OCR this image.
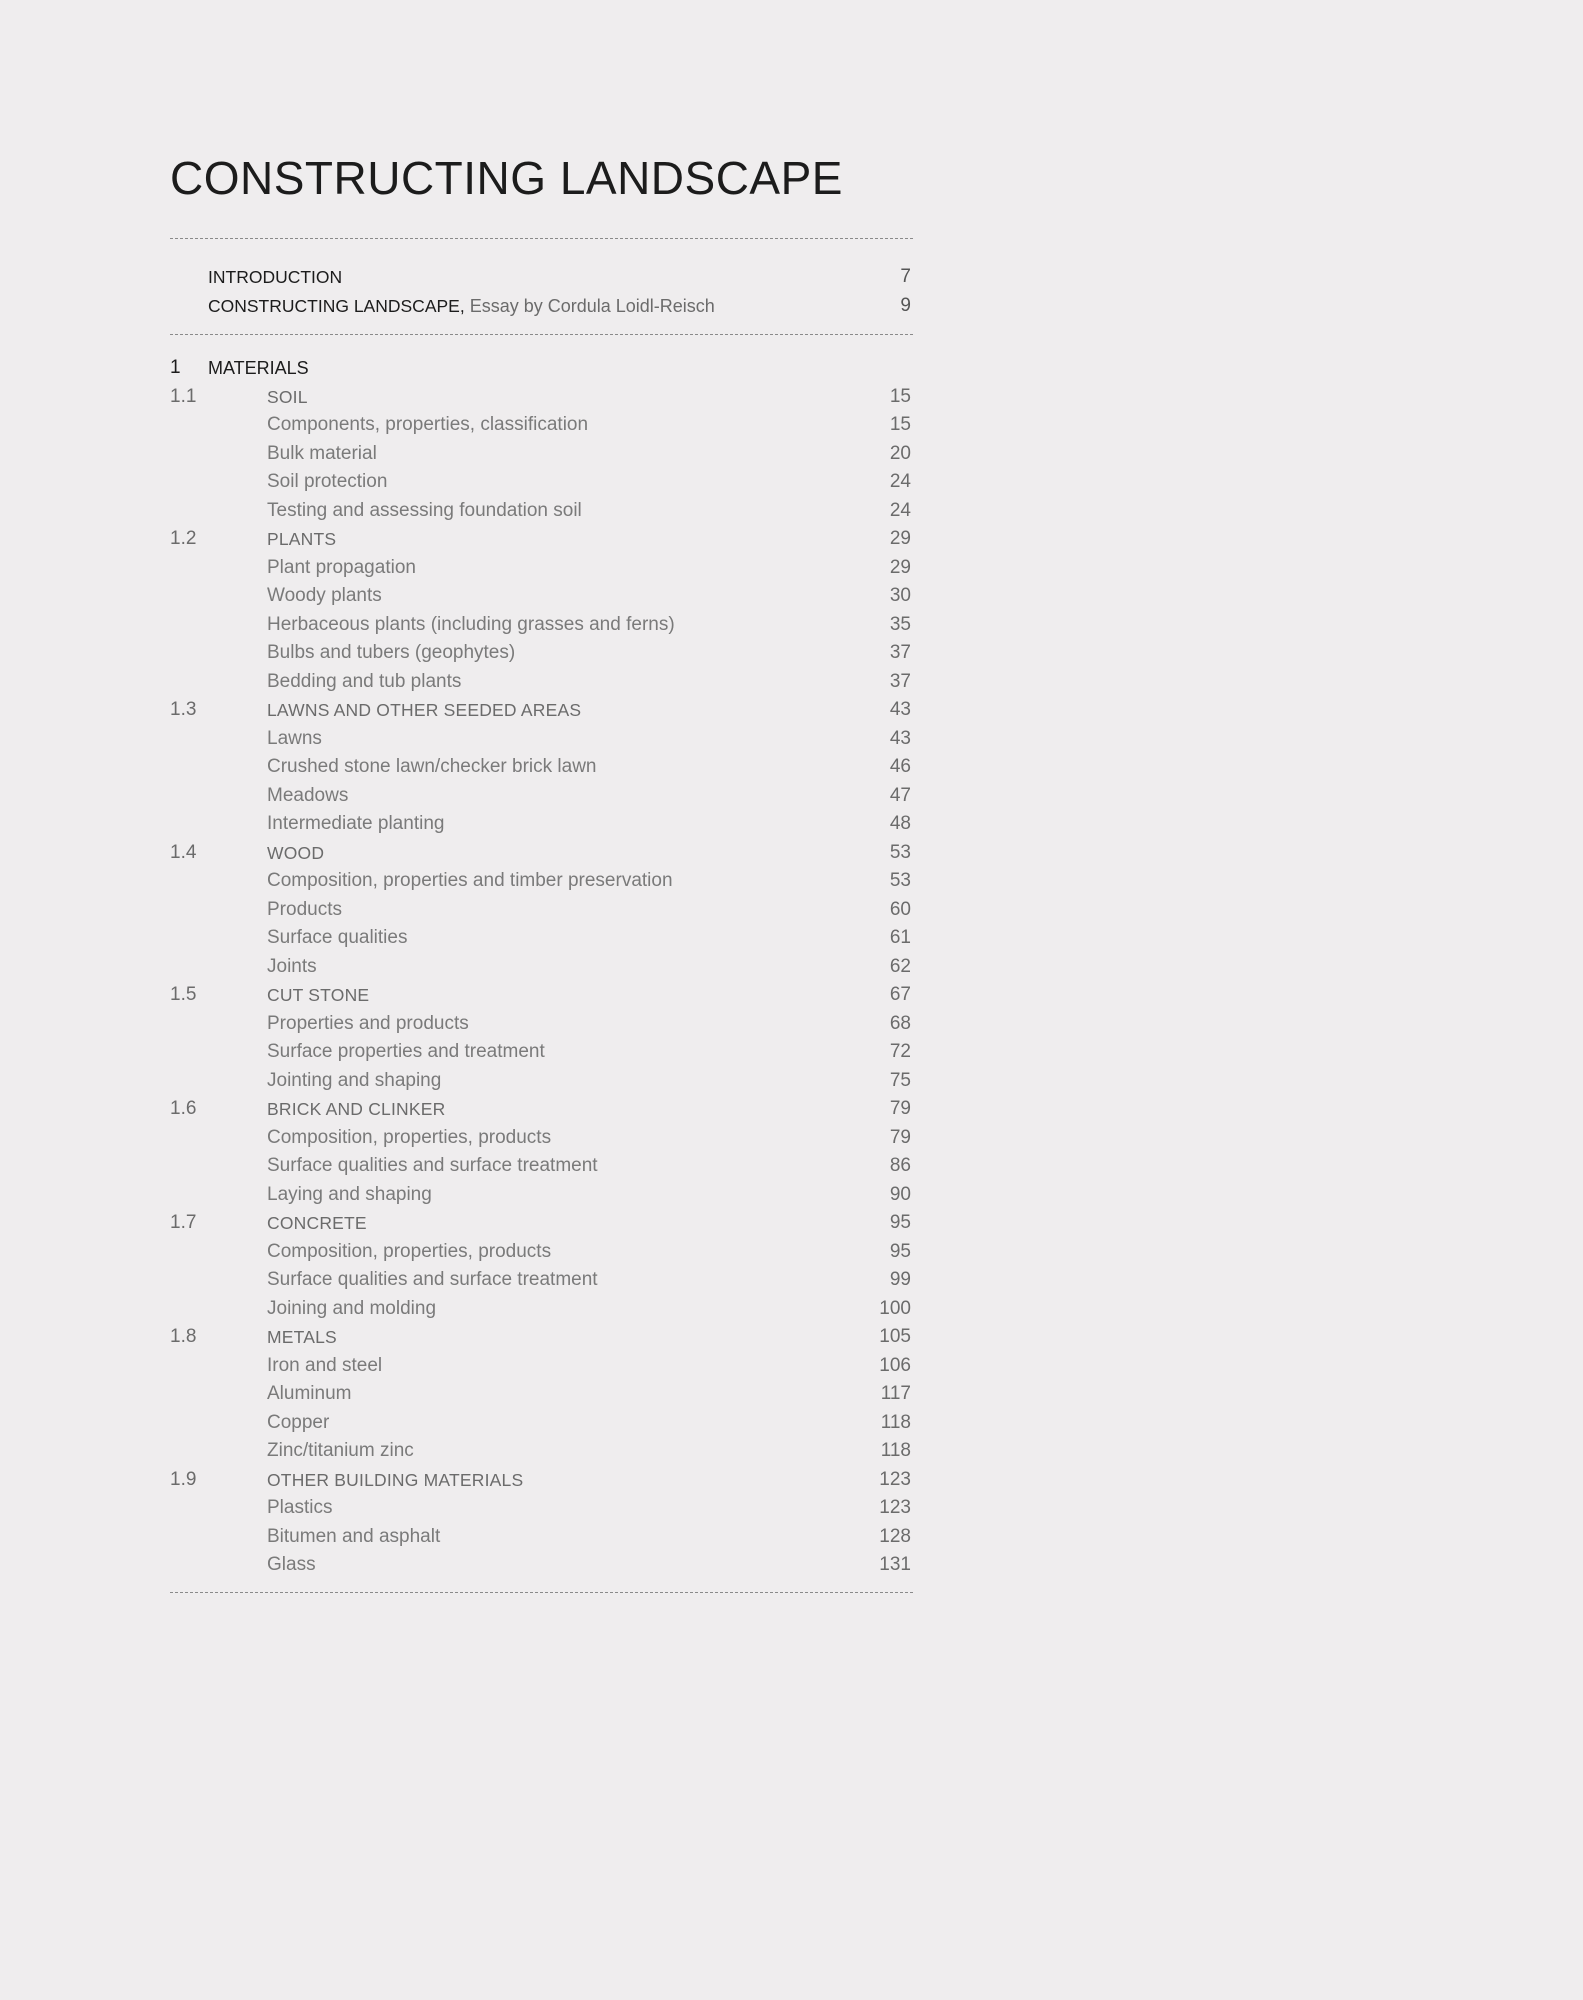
CONSTRUCTING LANDSCAPE
INTRODUCTION	7
CONSTRUCTING LANDSCAPE, Essay by Cordula Loidl-Reisch	9
1 MATERIALS
1.1	SOIL	15
Components, properties, classification	15
Bulk material	20
Soil protection	24
Testing and assessing foundation soil	24
1.2	PLANTS	29
Plant propagation	29
Woody plants	30
Herbaceous plants (including grasses and ferns)	35
Bulbs and tubers (geophytes)	37
Bedding and tub plants	37
1.3	LAWNS AND OTHER SEEDED AREAS	43
Lawns	43
Crushed stone lawn/checker brick lawn	46
Meadows	47
Intermediate planting	48
1.4	WOOD	53
Composition, properties and timber preservation	53
Products	60
Surface qualities	61
Joints	62
1.5	CUT STONE	67
Properties and products	68
Surface properties and treatment	72
Jointing and shaping	75
1.6	BRICK AND CLINKER	79
Composition, properties, products	79
Surface qualities and surface treatment	86
Laying and shaping	90
1.7	CONCRETE	95
Composition, properties, products	95
Surface qualities and surface treatment	99
Joining and molding	100
1.8	METALS	105
Iron and steel	106
Aluminum	117
Copper	118
Zinc/titanium zinc	118
1.9	OTHER BUILDING MATERIALS	123
Plastics	123
Bitumen and asphalt	128
Glass	131
